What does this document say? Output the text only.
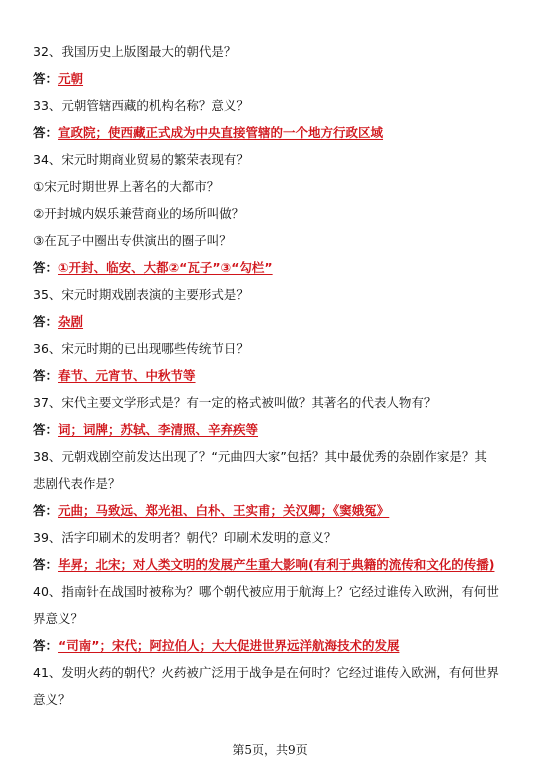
32、我国历史上版图最大的朝代是？
答：元朝
33、元朝管辖西藏的机构名称？意义？
答：宣政院；使西藏正式成为中央直接管辖的一个地方行政区域
34、宋元时期商业贸易的繁荣表现有？
①宋元时期世界上著名的大都市？
②开封城内娱乐兼营商业的场所叫做？
③在瓦子中圈出专供演出的圈子叫？
答：①开封、临安、大都②“瓦子”③“勾栏”
35、宋元时期戏剧表演的主要形式是？
答：杂剧
36、宋元时期的已出现哪些传统节日？
答：春节、元宵节、中秋节等
37、宋代主要文学形式是？有一定的格式被叫做？其著名的代表人物有？
答：词；词牌；苏轼、李清照、辛弃疾等
38、元朝戏剧空前发达出现了？“元曲四大家”包括？其中最优秀的杂剧作家是？其
悲剧代表作是？
答：元曲；马致远、郑光祖、白朴、王实甫；关汉卿；《窦娥冤》
39、活字印刷术的发明者？朝代？印刷术发明的意义？
答：毕昇；北宋；对人类文明的发展产生重大影响(有利于典籍的流传和文化的传播)
40、指南针在战国时被称为？哪个朝代被应用于航海上？它经过谁传入欧洲，有何世
界意义？
答：“司南”；宋代；阿拉伯人；大大促进世界远洋航海技术的发展
41、发明火药的朝代？火药被广泛用于战争是在何时？它经过谁传入欧洲，有何世界
意义？
第5页，共9页
